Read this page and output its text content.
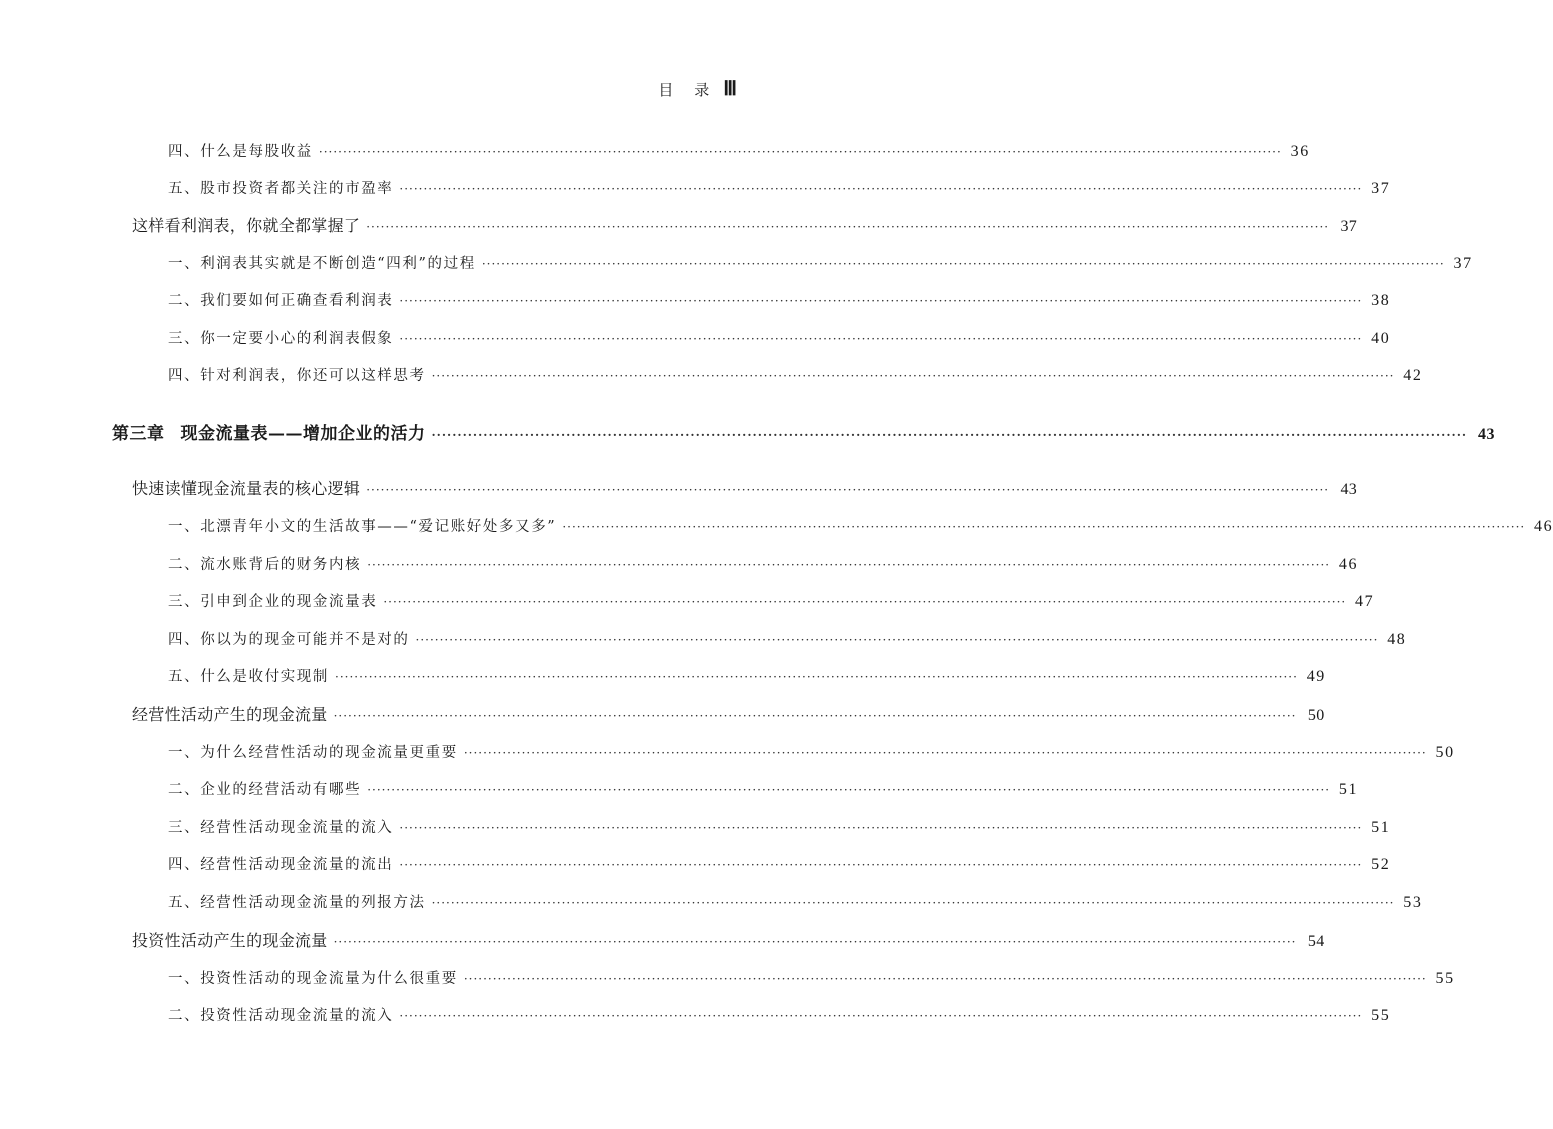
目 录 Ⅲ
四、什么是每股收益 ········································································································································································································ 36
五、股市投资者都关注的市盈率 ········································································································································································································ 37
这样看利润表，你就全都掌握了 ········································································································································································································ 37
一、利润表其实就是不断创造“四利”的过程 ········································································································································································································ 37
二、我们要如何正确查看利润表 ········································································································································································································ 38
三、你一定要小心的利润表假象 ········································································································································································································ 40
四、针对利润表，你还可以这样思考 ········································································································································································································ 42
第三章 现金流量表——增加企业的活力 ········································································································································································································ 43
快速读懂现金流量表的核心逻辑 ········································································································································································································ 43
一、北漂青年小文的生活故事——“爱记账好处多又多” ········································································································································································································ 46
二、流水账背后的财务内核 ········································································································································································································ 46
三、引申到企业的现金流量表 ········································································································································································································ 47
四、你以为的现金可能并不是对的 ········································································································································································································ 48
五、什么是收付实现制 ········································································································································································································ 49
经营性活动产生的现金流量 ········································································································································································································ 50
一、为什么经营性活动的现金流量更重要 ········································································································································································································ 50
二、企业的经营活动有哪些 ········································································································································································································ 51
三、经营性活动现金流量的流入 ········································································································································································································ 51
四、经营性活动现金流量的流出 ········································································································································································································ 52
五、经营性活动现金流量的列报方法 ········································································································································································································ 53
投资性活动产生的现金流量 ········································································································································································································ 54
一、投资性活动的现金流量为什么很重要 ········································································································································································································ 55
二、投资性活动现金流量的流入 ········································································································································································································ 55
